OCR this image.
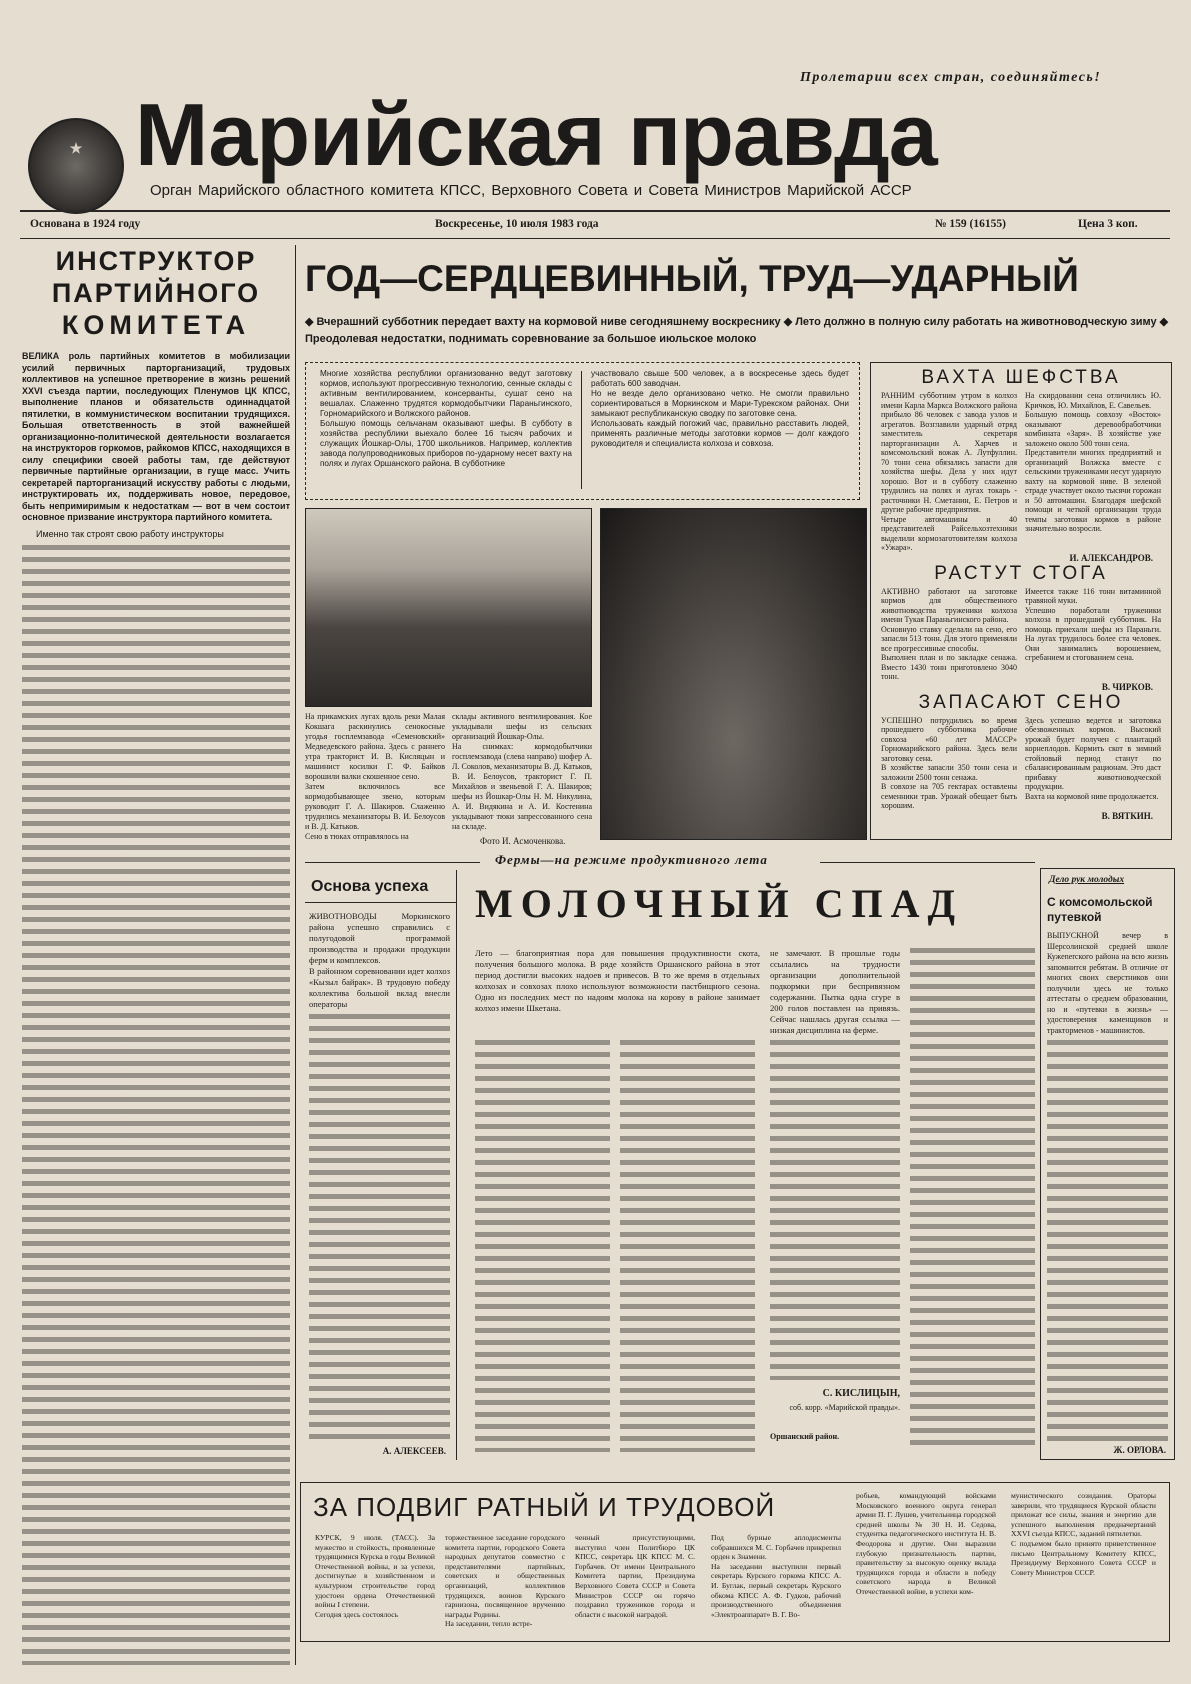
★
Пролетарии всех стран, соединяйтесь!
Марийская правда
Орган Марийского областного комитета КПСС, Верховного Совета и Совета Министров Марийской АССР
Основана в 1924 году	Воскресенье, 10 июля 1983 года	№ 159 (16155)	Цена 3 коп.
ИНСТРУКТОР
ПАРТИЙНОГО
КОМИТЕТА

ВЕЛИКА роль партийных комитетов в мобилизации усилий первичных парторганизаций, трудовых коллективов на успешное претворение в жизнь решений XXVI съезда партии, последующих Пленумов ЦК КПСС, выполнение планов и обязательств одиннадцатой пятилетки, в коммунистическом воспитании трудящихся. Большая ответственность в этой важнейшей организационно-политической деятельности возлагается на инструкторов горкомов, райкомов КПСС, находящихся в силу специфики своей работы там, где действуют первичные партийные организации, в гуще масс. Учить секретарей парторганизаций искусству работы с людьми, инструктировать их, поддерживать новое, передовое, быть непримиримым к недостаткам — вот в чем состоит основное призвание инструктора партийного комитета.

Именно так строят свою работу инструкторы

ГОД—СЕРДЦЕВИННЫЙ, ТРУД—УДАРНЫЙ
◆ Вчерашний субботник передает вахту на кормовой ниве сегодняшнему воскреснику ◆ Лето должно в полную силу работать на животноводческую зиму ◆ Преодолевая недостатки, поднимать соревнование за большое июльское молоко
Многие хозяйства республики организованно ведут заготовку кормов, используют прогрессивную технологию, сенные склады с активным вентилированием, консерванты, сушат сено на вешалах. Слаженно трудятся кормодобытчики Параньгинского, Горномарийского и Волжского районов.
Большую помощь сельчанам оказывают шефы. В субботу в хозяйства республики выехало более 16 тысяч рабочих и служащих Йошкар-Олы, 1700 школьников. Например, коллектив завода полупроводниковых приборов по-ударному несет вахту на полях и лугах Оршанского района. В субботнике
участвовало свыше 500 человек, а в воскресенье здесь будет работать 600 заводчан.
Но не везде дело организовано четко. Не смогли правильно сориентироваться в Моркинском и Мари-Турекском районах. Они замыкают республиканскую сводку по заготовке сена.
Использовать каждый погожий час, правильно расставить людей, применять различные методы заготовки кормов — долг каждого руководителя и специалиста колхоза и совхоза.
На прикамских лугах вдоль реки Малая Кокшага раскинулись сенокосные угодья госплемзавода «Семеновский» Медведевского района. Здесь с раннего утра тракторист И. В. Кисляцын и машинист косилки Г. Ф. Байков ворошили валки скошенное сено.
Затем включилось все кормодобывающее звено, которым руководит Г. А. Шакиров. Слаженно трудились механизаторы В. И. Белоусов и В. Д. Катьков.
Сено в тюках отправлялось на
склады активного вентилирования. Кое укладывали шефы из сельских организаций Йошкар-Олы.
На снимках: кормодобытчики госплемзавода (слева направо) шофер А. Л. Соколов, механизаторы В. Д. Катьков, В. И. Белоусов, тракторист Г. П. Михайлов и звеньевой Г. А. Шакиров; шефы из Йошкар-Олы Н. М. Никулина, А. И. Видякина и А. И. Костенина укладывают тюки запрессованного сена на складе.
Фото И. Асмоченкова.
ВАХТА ШЕФСТВА
РАННИМ субботним утром в колхоз имени Карла Маркса Волжского района прибыло 86 человек с завода узлов и агрегатов. Возглавили ударный отряд заместитель секретаря парторганизации А. Харчев и комсомольский вожак А. Лутфуллин. 70 тонн сена обязались запасти для хозяйства шефы. Дела у них идут хорошо. Вот и в субботу слаженно трудились на полях и лугах токарь - расточники Н. Сметанин, Е. Петров и другие рабочие предприятия.
Четыре автомашины и 40 представителей Райсельхозтехники выделили кормозаготовителям колхоза «Ужара».
На скирдовании сена отличились Ю. Кричков, Ю. Михайлов, Е. Савельев.
Большую помощь совхозу «Восток» оказывают деревообработчики комбината «Заря». В хозяйстве уже заложено около 500 тонн сена.
Представители многих предприятий и организаций Волжска вместе с сельскими тружениками несут ударную вахту на кормовой ниве. В зеленой страде участвует около тысячи горожан и 50 автомашин. Благодаря шефской помощи и четкой организации труда темпы заготовки кормов в районе значительно возросли.
И. АЛЕКСАНДРОВ.
РАСТУТ СТОГА
АКТИВНО работают на заготовке кормов для общественного животноводства труженики колхоза имени Тукая Параньгинского района.
Основную ставку сделали на сено, его запасли 513 тонн. Для этого применяли все прогрессивные способы.
Выполнен план и по закладке сенажа. Вместо 1430 тонн приготовлено 3040 тонн.
Имеется также 116 тонн витаминной травяной муки.
Успешно поработали труженики колхоза в прошедший субботник. На помощь приехали шефы из Параньги. На лугах трудилось более ста человек. Они занимались ворошением, сгребанием и стогованием сена.
В. ЧИРКОВ.
ЗАПАСАЮТ СЕНО
УСПЕШНО потрудились во время прошедшего субботника рабочие совхоза «60 лет МАССР» Горномарийского района. Здесь вели заготовку сена.
В хозяйстве запасли 350 тонн сена и заложили 2500 тонн сенажа.
В совхозе на 705 гектарах оставлены семенники трав. Урожай обещает быть хорошим.
Здесь успешно ведется и заготовка обезвоженных кормов. Высокий урожай будет получен с плантаций корнеплодов. Кормить скот в зимний стойловый период станут по сбалансированным рационам. Это даст прибавку животноводческой продукции.
Вахта на кормовой ниве продолжается.
В. ВЯТКИН.
Фермы—на режиме продуктивного лета
Основа успеха
ЖИВОТНОВОДЫ Моркинского района успешно справились с полугодовой программой производства и продажи продукции ферм и комплексов.
В районном соревновании идет колхоз «Кызыл байрак». В трудовую победу коллектива большой вклад внесли операторы
А. АЛЕКСЕЕВ.
МОЛОЧНЫЙ СПАД
Лето — благоприятная пора для повышения продуктивности скота, получения большого молока. В ряде хозяйств Оршанского района в этот период достигли высоких надоев и привесов. В то же время в отдельных колхозах и совхозах плохо используют возможности пастбищного сезона. Одно из последних мест по надоям молока на корову в районе занимает колхоз имени Шкетана.
не замечают. В прошлые годы ссылались на трудности организации дополнительной подкормки при беспривязном содержании. Пытка одна сгуре в 200 голов поставлен на привязь. Сейчас нашлась другая ссылка — низкая дисциплина на ферме.
С. КИСЛИЦЫН,
соб. корр. «Марийской правды».
Оршанский район.
Дело рук молодых
С комсомольской путевкой
ВЫПУСКНОЙ вечер в Шерсолинской средней школе Кужenerского района на всю жизнь запомнится ребятам. В отличие от многих своих сверстников они получили здесь не только аттестаты о среднем образовании, но и «путевки в жизнь» — удостоверения каменщиков и тракторменов - машинистов.
Ж. ОРЛОВА.
ЗА ПОДВИГ РАТНЫЙ И ТРУДОВОЙ
КУРСК, 9 июля. (ТАСС). За мужество и стойкость, проявленные трудящимися Курска в годы Великой Отечественной войны, и за успехи, достигнутые в хозяйственном и культурном строительстве город удостоен ордена Отечественной войны I степени.
Сегодня здесь состоялось
торжественное заседание городского комитета партии, городского Совета народных депутатов совместно с представителями партийных, советских и общественных организаций, коллективов трудящихся, воинов Курского гарнизона, посвященное вручению награды Родины.
На заседании, тепло встре-
ченный присутствующими, выступил член Политбюро ЦК КПСС, секретарь ЦК КПСС М. С. Горбачев. От имени Центрального Комитета партии, Президиума Верховного Совета СССР и Совета Министров СССР он горячо поздравил тружеников города и области с высокой наградой.
Под бурные аплодисменты собравшихся М. С. Горбачев прикрепил орден к Знамени.
На заседании выступили первый секретарь Курского горкома КПСС А. И. Буглак, первый секретарь Курского обкома КПСС А. Ф. Гудков, рабочий производственного объединения «Электроаппарат» В. Г. Во-
робьев, командующий войсками Московского военного округа генерал армии П. Г. Лушев, учительница городской средней школы № 30 Н. И. Седова, студентка педагогического института Н. В. Феодорова и другие. Они выразили глубокую признательность партии, правительству за высокую оценку вклада трудящихся города и области в победу советского народа в Великой Отечественной войне, в успехи ком-
мунистического созидания. Ораторы заверили, что трудящиеся Курской области приложат все силы, знания и энергию для успешного выполнения предначертаний XXVI съезда КПСС, заданий пятилетки.
С подъемом было принято приветственное письмо Центральному Комитету КПСС, Президиуму Верховного Совета СССР и Совету Министров СССР.
